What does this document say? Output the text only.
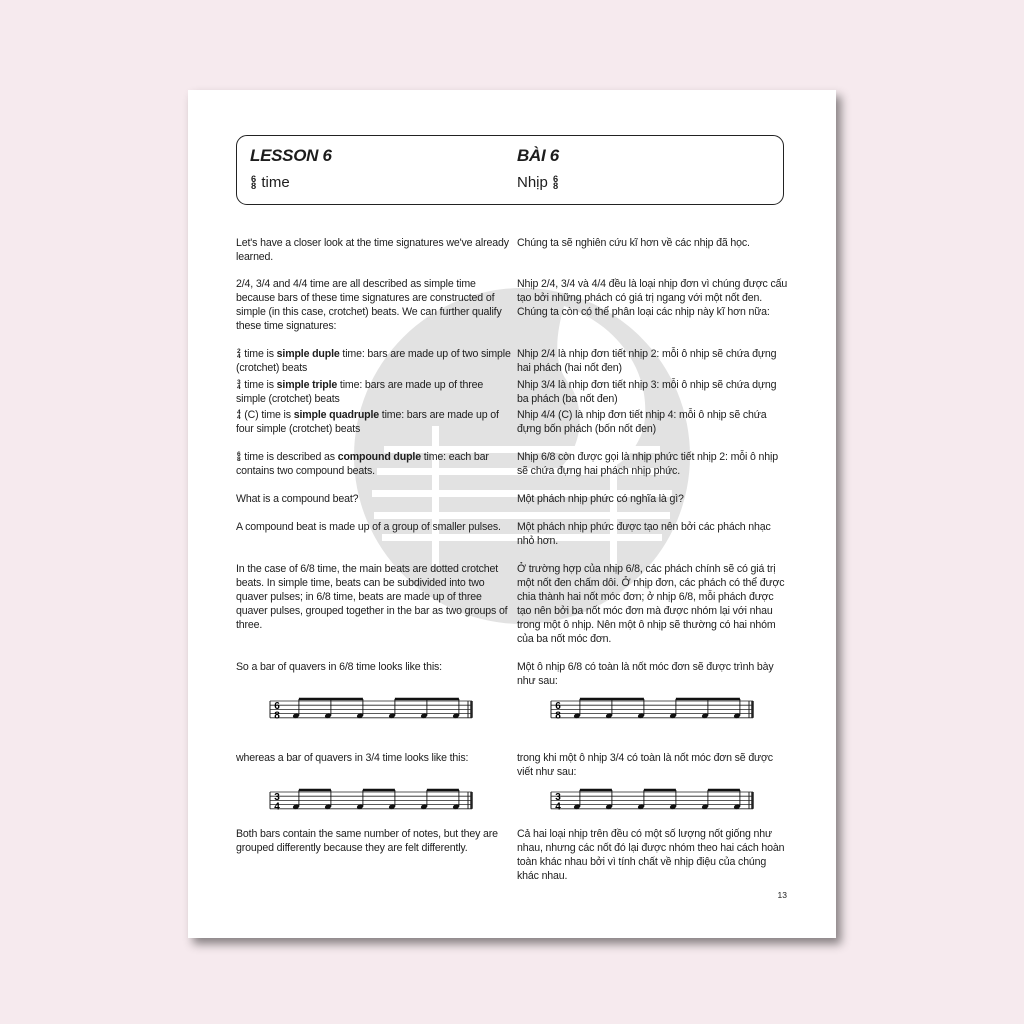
LESSON 6	BÀI 6
6
8 time	Nhịp 6
8
Let's have a closer look at the time signatures we've already learned.
2/4, 3/4 and 4/4 time are all described as simple time because bars of these time signatures are constructed of simple (in this case, crotchet) beats. We can further qualify these time signatures:
2
4 time is simple duple time: bars are made up of two simple (crotchet) beats
3
4 time is simple triple time: bars are made up of three simple (crotchet) beats
4
4 (C) time is simple quadruple time: bars are made up of four simple (crotchet) beats
6
8 time is described as compound duple time: each bar contains two compound beats.
What is a compound beat?
A compound beat is made up of a group of smaller pulses.
In the case of 6/8 time, the main beats are dotted crotchet beats. In simple time, beats can be subdivided into two quaver pulses; in 6/8 time, beats are made up of three quaver pulses, grouped together in the bar as two groups of three.
So a bar of quavers in 6/8 time looks like this:
whereas a bar of quavers in 3/4 time looks like this:
Both bars contain the same number of notes, but they are grouped differently because they are felt differently.
Chúng ta sẽ nghiên cứu kĩ hơn về các nhịp đã học.
Nhịp 2/4, 3/4 và 4/4 đều là loại nhịp đơn vì chúng được cấu tạo bởi những phách có giá trị ngang với một nốt đen. Chúng ta còn có thể phân loại các nhịp này kĩ hơn nữa:
Nhịp 2/4 là nhịp đơn tiết nhịp 2: mỗi ô nhịp sẽ chứa đựng hai phách (hai nốt đen)
Nhịp 3/4 là nhịp đơn tiết nhịp 3: mỗi ô nhịp sẽ chứa dựng ba phách (ba nốt đen)
Nhịp 4/4 (C) là nhịp đơn tiết nhịp 4: mỗi ô nhịp sẽ chứa đựng bốn phách (bốn nốt đen)
Nhịp 6/8 còn được gọi là nhịp phức tiết nhịp 2: mỗi ô nhịp sẽ chứa đựng hai phách nhịp phức.
Một phách nhịp phức có nghĩa là gì?
Một phách nhịp phức được tạo nên bởi các phách nhạc nhỏ hơn.
Ở trường hợp của nhịp 6/8, các phách chính sẽ có giá trị một nốt đen chấm dôi. Ở nhịp đơn, các phách có thể được chia thành hai nốt móc đơn; ở nhịp 6/8, mỗi phách được tạo nên bởi ba nốt móc đơn mà được nhóm lại với nhau trong một ô nhịp. Nên một ô nhịp sẽ thường có hai nhóm của ba nốt móc đơn.
Một ô nhịp 6/8 có toàn là nốt móc đơn sẽ được trình bày như sau:
trong khi một ô nhịp 3/4 có toàn là nốt móc đơn sẽ được viết như sau:
Cả hai loại nhịp trên đều có một số lượng nốt giống như nhau, nhưng các nốt đó lại được nhóm theo hai cách hoàn toàn khác nhau bởi vì tính chất về nhịp điệu của chúng khác nhau.
6
8
6
8
3
4
3
4
13
